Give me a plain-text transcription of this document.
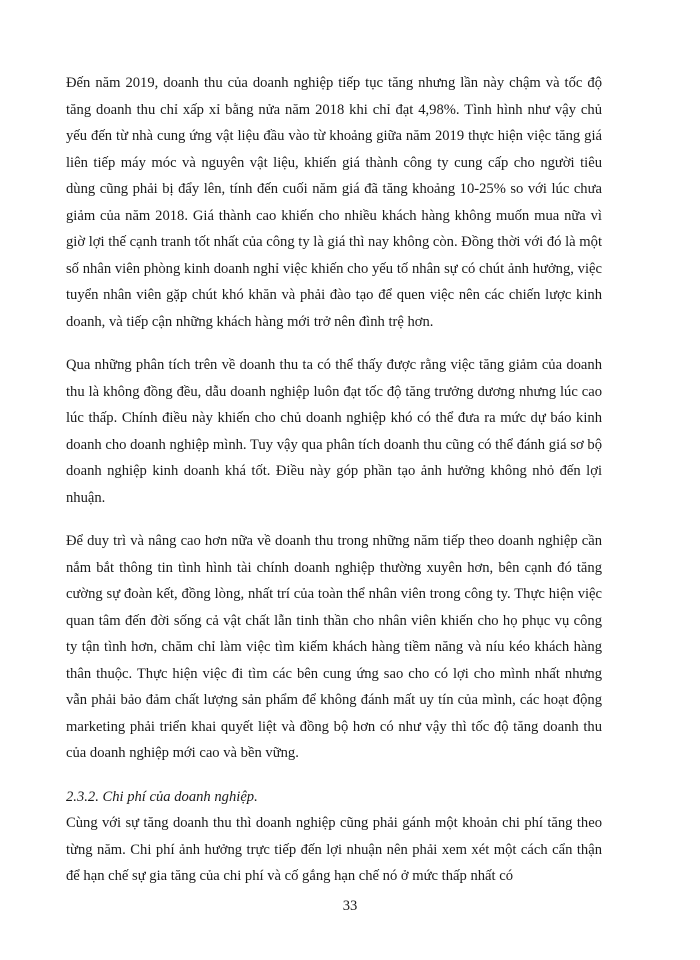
Đến năm 2019, doanh thu của doanh nghiệp tiếp tục tăng nhưng lần này chậm và tốc độ tăng doanh thu chỉ xấp xỉ bằng nửa năm 2018 khi chỉ đạt 4,98%. Tình hình như vậy chủ yếu đến từ nhà cung ứng vật liệu đầu vào từ khoảng giữa năm 2019 thực hiện việc tăng giá liên tiếp máy móc và nguyên vật liệu, khiến giá thành công ty cung cấp cho người tiêu dùng cũng phải bị đẩy lên, tính đến cuối năm giá đã tăng khoảng 10-25% so với lúc chưa giảm của năm 2018. Giá thành cao khiến cho nhiều khách hàng không muốn mua nữa vì giờ lợi thế cạnh tranh tốt nhất của công ty là giá thì nay không còn. Đồng thời với đó là một số nhân viên phòng kinh doanh nghỉ việc khiến cho yếu tố nhân sự có chút ảnh hưởng, việc tuyển nhân viên gặp chút khó khăn và phải đào tạo để quen việc nên các chiến lược kinh doanh, và tiếp cận những khách hàng mới trở nên đình trệ hơn.

Qua những phân tích trên về doanh thu ta có thể thấy được rằng việc tăng giảm của doanh thu là không đồng đều, dẫu doanh nghiệp luôn đạt tốc độ tăng trưởng dương nhưng lúc cao lúc thấp. Chính điều này khiến cho chủ doanh nghiệp khó có thể đưa ra mức dự báo kinh doanh cho doanh nghiệp mình. Tuy vậy qua phân tích doanh thu cũng có thể đánh giá sơ bộ doanh nghiệp kinh doanh khá tốt. Điều này góp phần tạo ảnh hưởng không nhỏ đến lợi nhuận.

Để duy trì và nâng cao hơn nữa về doanh thu trong những năm tiếp theo doanh nghiệp cần nắm bắt thông tin tình hình tài chính doanh nghiệp thường xuyên hơn, bên cạnh đó tăng cường sự đoàn kết, đồng lòng, nhất trí của toàn thể nhân viên trong công ty. Thực hiện việc quan tâm đến đời sống cả vật chất lẫn tinh thần cho nhân viên khiến cho họ phục vụ công ty tận tình hơn, chăm chỉ làm việc tìm kiếm khách hàng tiềm năng và níu kéo khách hàng thân thuộc. Thực hiện việc đi tìm các bên cung ứng sao cho có lợi cho mình nhất nhưng vẫn phải bảo đảm chất lượng sản phẩm để không đánh mất uy tín của mình, các hoạt động marketing phải triển khai quyết liệt và đồng bộ hơn có như vậy thì tốc độ tăng doanh thu của doanh nghiệp mới cao và bền vững.

2.3.2. Chi phí của doanh nghiệp.

Cùng với sự tăng doanh thu thì doanh nghiệp cũng phải gánh một khoản chi phí tăng theo từng năm. Chi phí ảnh hưởng trực tiếp đến lợi nhuận nên phải xem xét một cách cẩn thận để hạn chế sự gia tăng của chi phí và cố gắng hạn chế nó ở mức thấp nhất có

33
